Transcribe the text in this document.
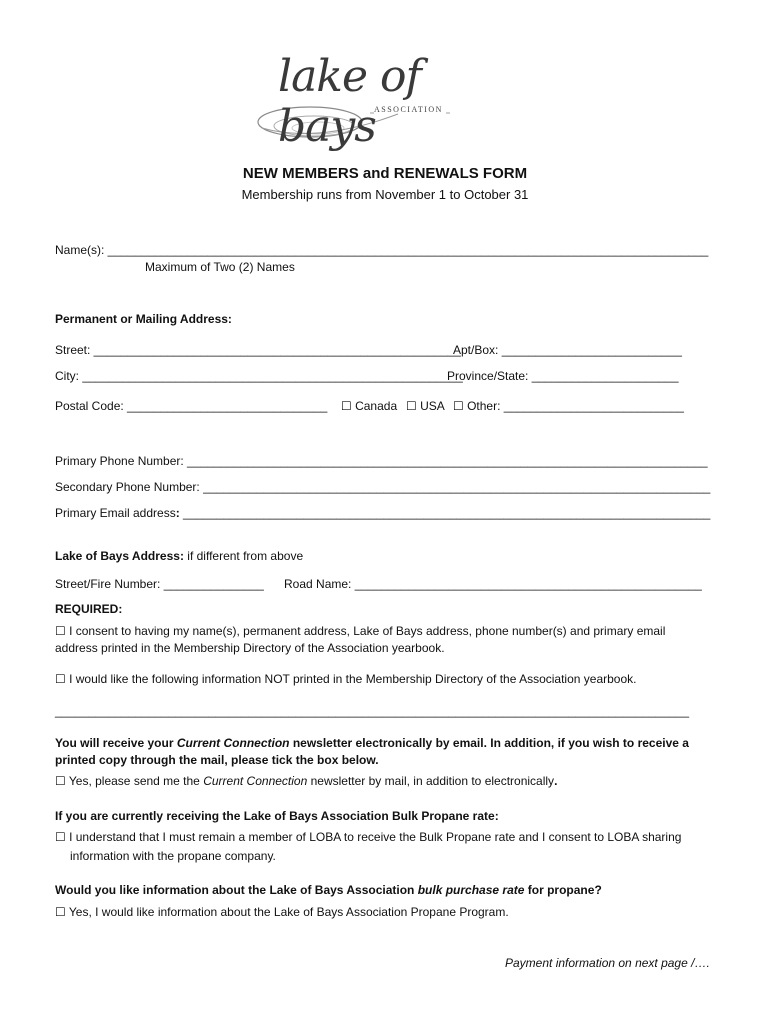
lake of bays
ASSOCIATION
NEW MEMBERS and RENEWALS FORM
Membership runs from November 1 to October 31
Name(s): __________________________________________________________________________________________
Maximum of Two (2) Names
Permanent or Mailing Address:
Street: _______________________________________________________
Apt/Box: ___________________________
City: _________________________________________________________
Province/State: ______________________
Postal Code: ______________________________ ☐ Canada ☐ USA ☐ Other: ___________________________
Primary Phone Number: ______________________________________________________________________________
Secondary Phone Number: ____________________________________________________________________________
Primary Email address: _______________________________________________________________________________
Lake of Bays Address: if different from above
Street/Fire Number: _______________ Road Name: ____________________________________________________
REQUIRED:
☐ I consent to having my name(s), permanent address, Lake of Bays address, phone number(s) and primary email
address printed in the Membership Directory of the Association yearbook.
☐ I would like the following information NOT printed in the Membership Directory of the Association yearbook.
_______________________________________________________________________________________________
You will receive your Current Connection newsletter electronically by email. In addition, if you wish to receive a
printed copy through the mail, please tick the box below.
☐ Yes, please send me the Current Connection newsletter by mail, in addition to electronically.
If you are currently receiving the Lake of Bays Association Bulk Propane rate:
☐ I understand that I must remain a member of LOBA to receive the Bulk Propane rate and I consent to LOBA sharing
information with the propane company.
Would you like information about the Lake of Bays Association bulk purchase rate for propane?
☐ Yes, I would like information about the Lake of Bays Association Propane Program.
Payment information on next page /….
